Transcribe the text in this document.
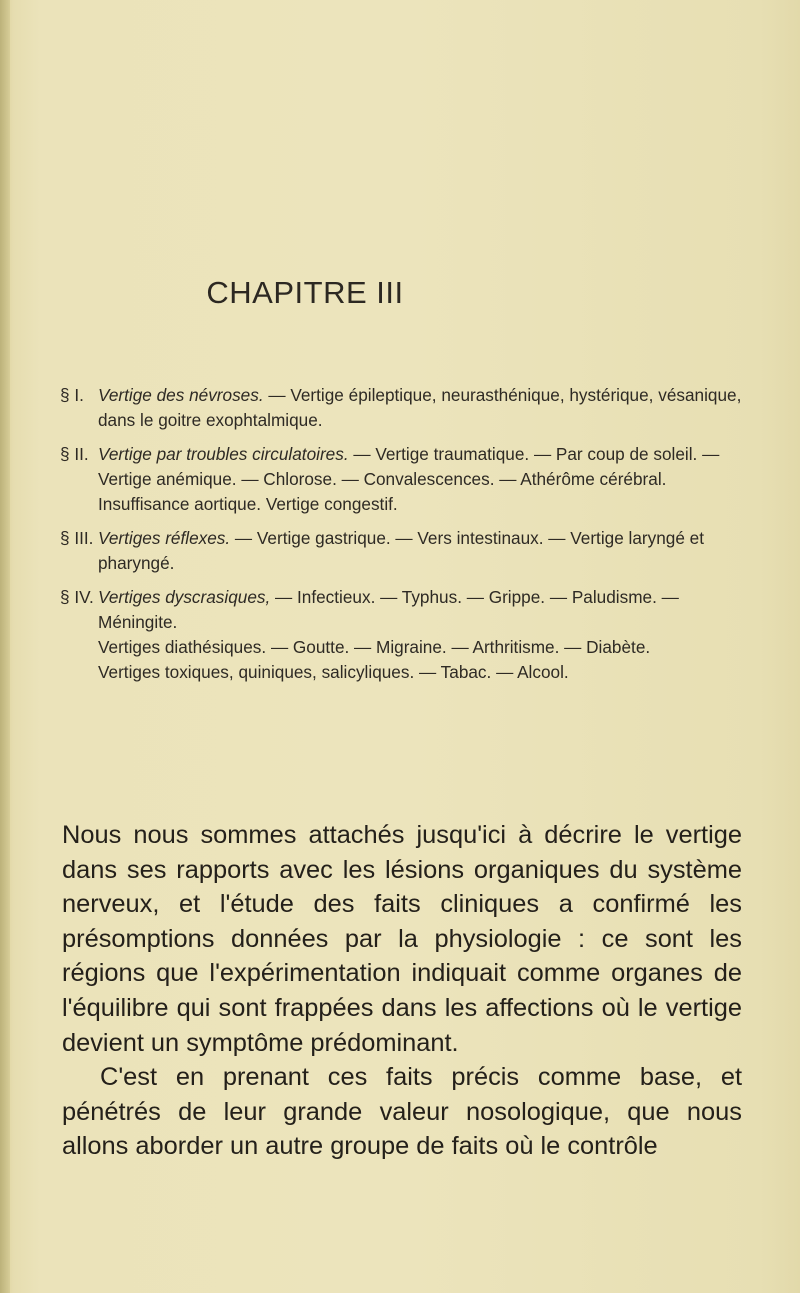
CHAPITRE III
§ I. Vertige des névroses. — Vertige épileptique, neurasthénique, hystérique, vésanique, dans le goitre exophtalmique.
§ II. Vertige par troubles circulatoires. — Vertige traumatique. — Par coup de soleil. — Vertige anémique. — Chlorose. — Convalescences. — Athérôme cérébral. Insuffisance aortique. Vertige congestif.
§ III. Vertiges réflexes. — Vertige gastrique. — Vers intestinaux. — Vertige laryngé et pharyngé.
§ IV. Vertiges dyscrasiques, — Infectieux. — Typhus. — Grippe. — Paludisme. — Méningite.
Vertiges diathésiques. — Goutte. — Migraine. — Arthritisme. — Diabète.
Vertiges toxiques, quiniques, salicyliques. — Tabac. — Alcool.

Nous nous sommes attachés jusqu'ici à décrire le vertige dans ses rapports avec les lésions organiques du système nerveux, et l'étude des faits cliniques a confirmé les présomptions données par la physiologie : ce sont les régions que l'expérimentation indiquait comme organes de l'équilibre qui sont frappées dans les affections où le vertige devient un symptôme prédominant.

C'est en prenant ces faits précis comme base, et pénétrés de leur grande valeur nosologique, que nous allons aborder un autre groupe de faits où le contrôle
